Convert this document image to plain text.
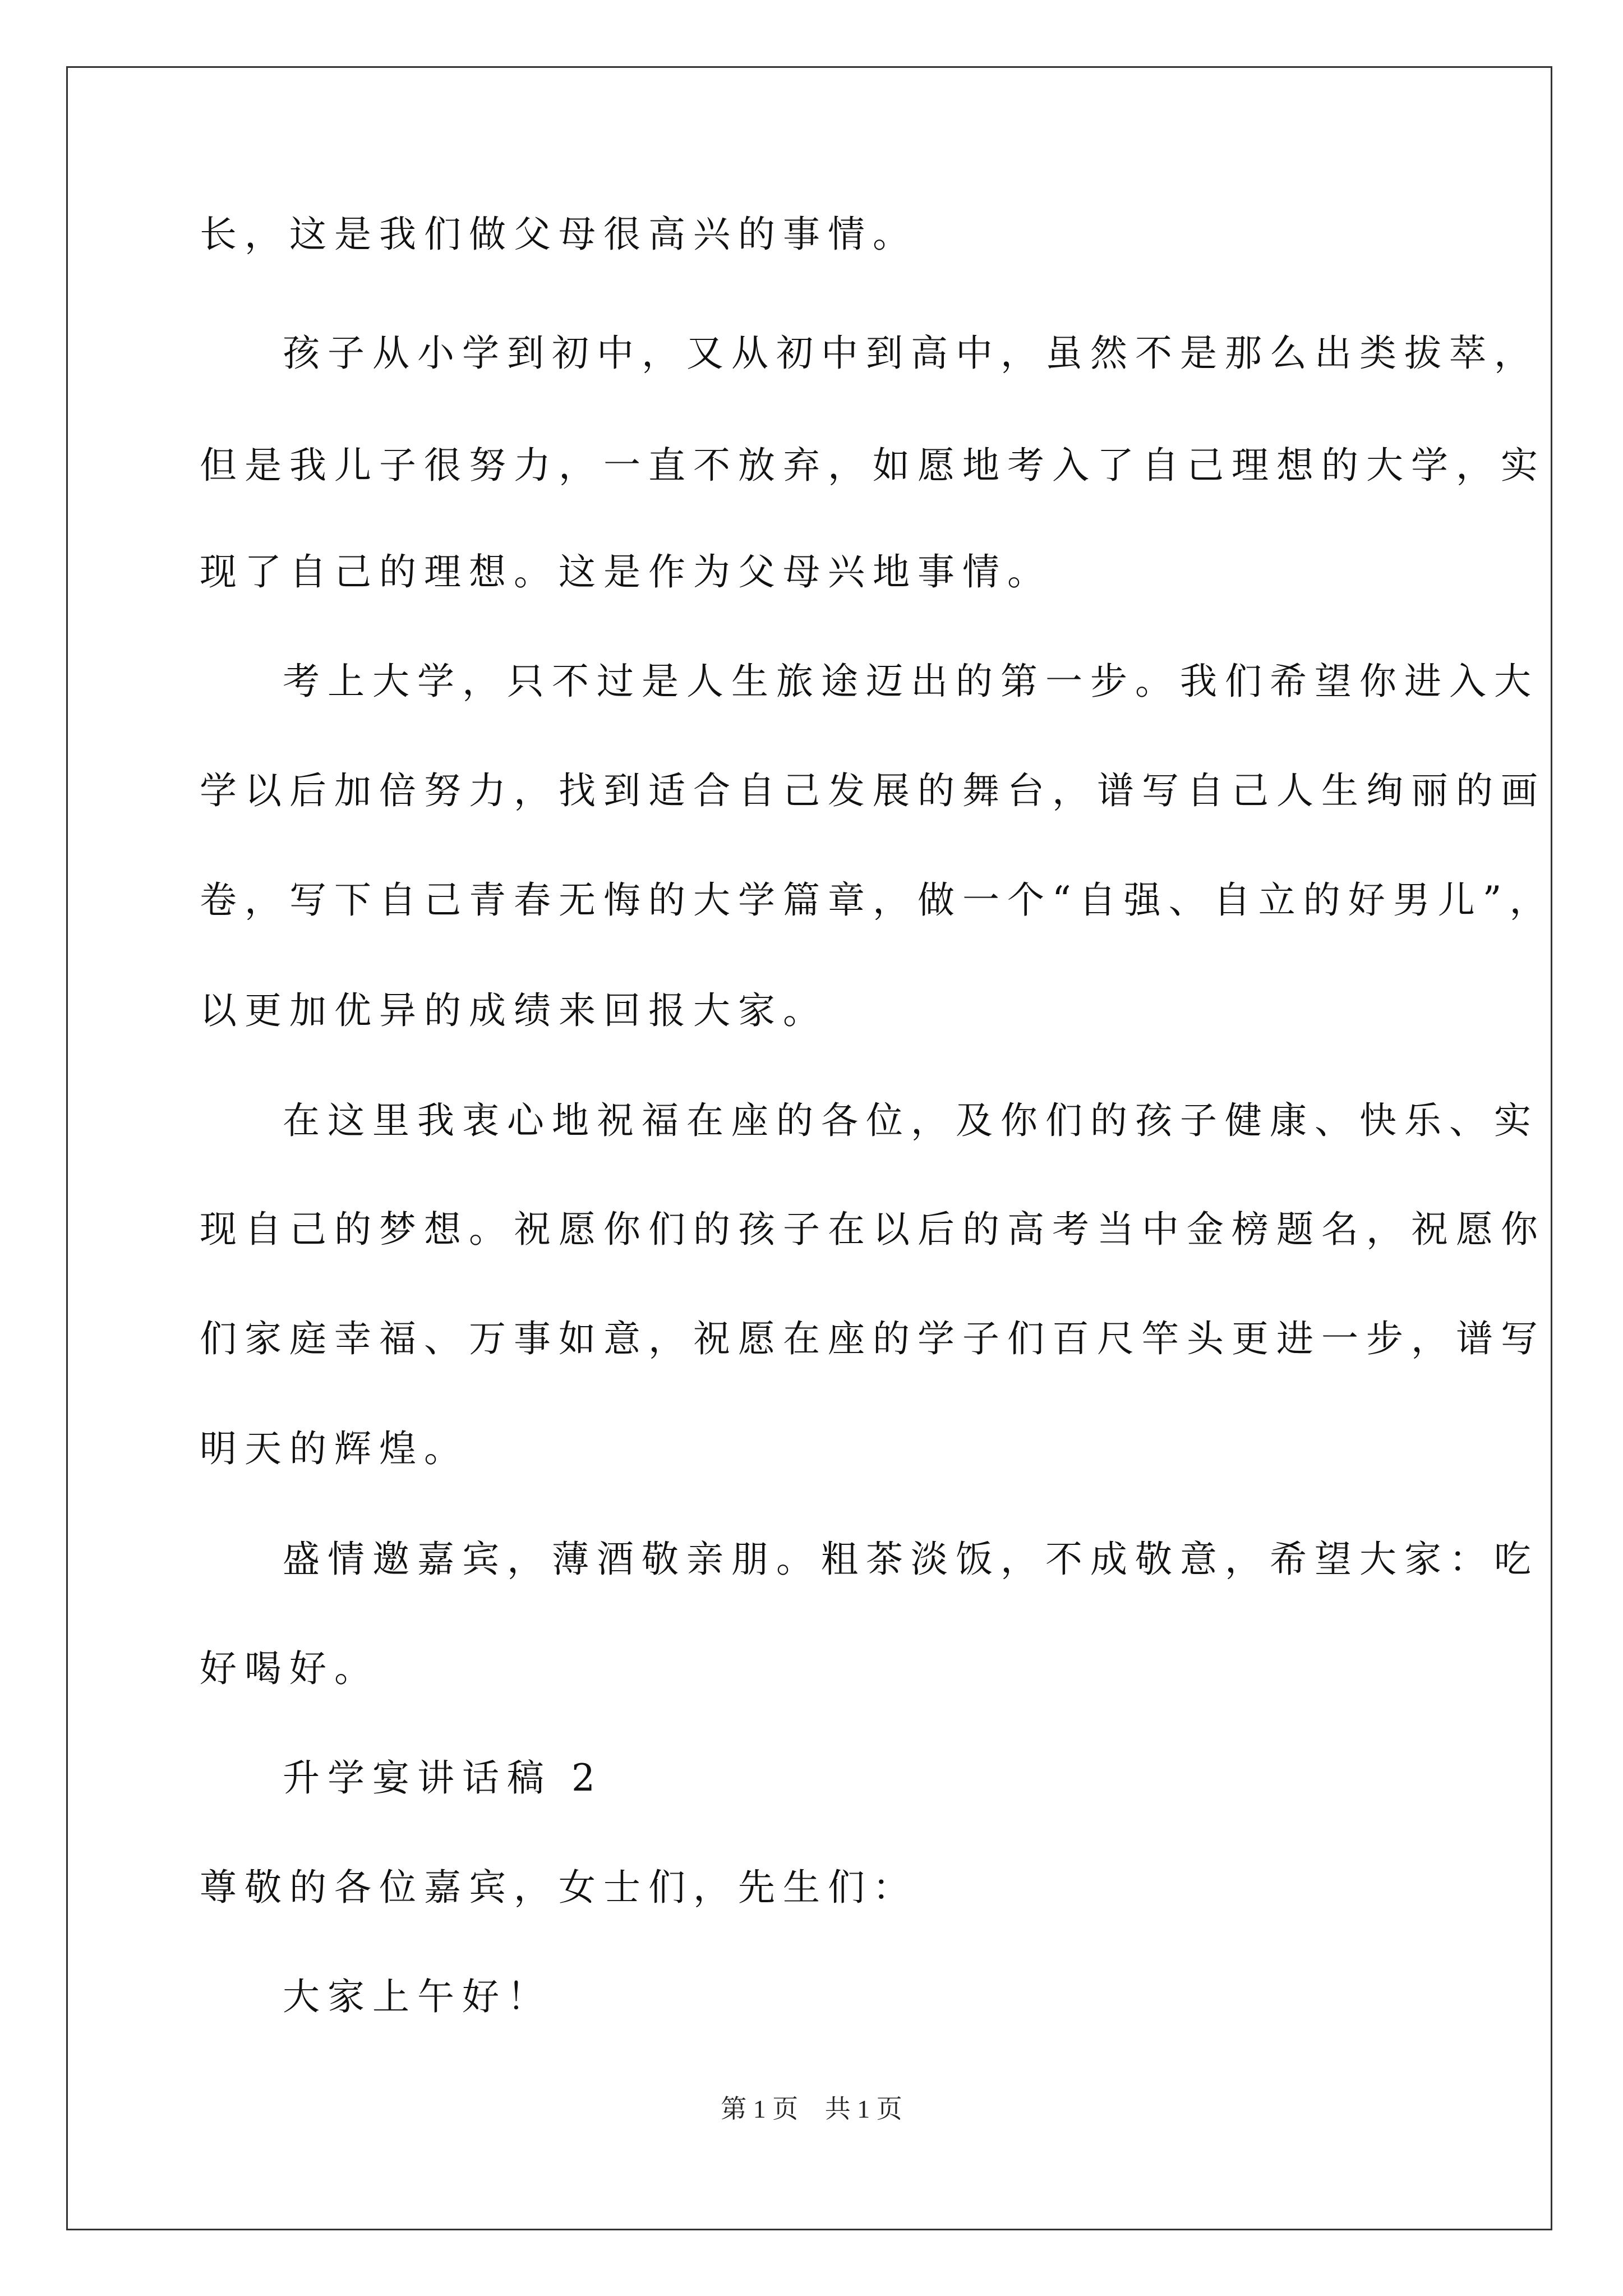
长，这是我们做父母很高兴的事情。
孩子从小学到初中，又从初中到高中，虽然不是那么出类拔萃，
但是我儿子很努力，一直不放弃，如愿地考入了自己理想的大学，实
现了自己的理想。这是作为父母兴地事情。
考上大学，只不过是人生旅途迈出的第一步。我们希望你进入大
学以后加倍努力，找到适合自己发展的舞台，谱写自己人生绚丽的画
卷，写下自己青春无悔的大学篇章，做一个“自强、自立的好男儿”，
以更加优异的成绩来回报大家。
在这里我衷心地祝福在座的各位，及你们的孩子健康、快乐、实
现自己的梦想。祝愿你们的孩子在以后的高考当中金榜题名，祝愿你
们家庭幸福、万事如意，祝愿在座的学子们百尺竿头更进一步，谱写
明天的辉煌。
盛情邀嘉宾，薄酒敬亲朋。粗茶淡饭，不成敬意，希望大家：吃
好喝好。
升学宴讲话稿 2
尊敬的各位嘉宾，女士们，先生们：
大家上午好！
第 1 页 共 1 页
